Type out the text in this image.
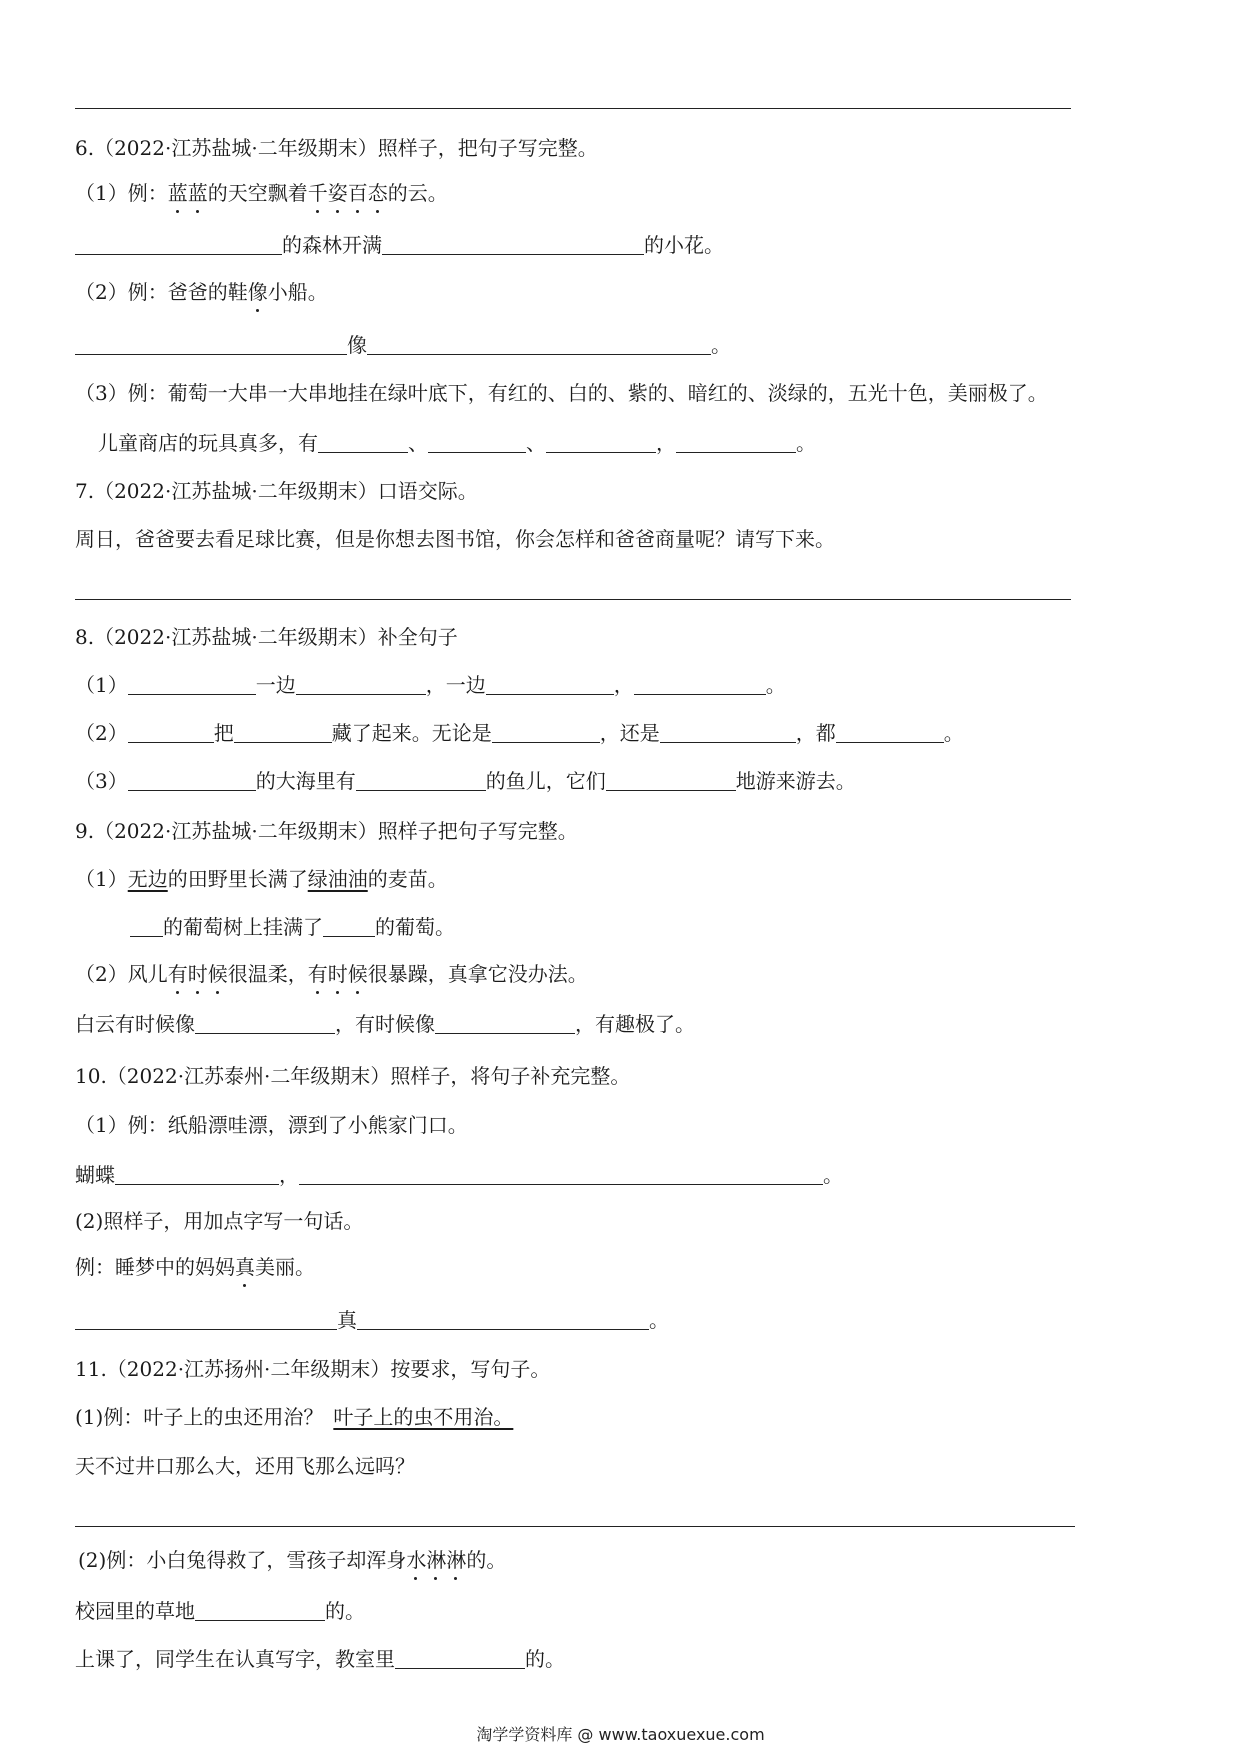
6.（2022·江苏盐城·二年级期末）照样子，把句子写完整。
（1）例：蓝蓝的天空飘着千姿百态的云。
的森林开满	的小花。
（2）例：爸爸的鞋像小船。
像	。
（3）例：葡萄一大串一大串地挂在绿叶底下，有红的、白的、紫的、暗红的、淡绿的，五光十色，美丽极了。
儿童商店的玩具真多，有	、	、	，	。
7.（2022·江苏盐城·二年级期末）口语交际。
周日，爸爸要去看足球比赛，但是你想去图书馆，你会怎样和爸爸商量呢？请写下来。
8.（2022·江苏盐城·二年级期末）补全句子
（1）	一边	，一边	，	。
（2）	把	藏了起来。无论是	，还是	，都	。
（3）	的大海里有	的鱼儿，它们	地游来游去。
9.（2022·江苏盐城·二年级期末）照样子把句子写完整。
（1）无边的田野里长满了绿油油的麦苗。
的葡萄树上挂满了	的葡萄。
（2）风儿有时候很温柔，有时候很暴躁，真拿它没办法。
白云有时候像	，有时候像	，有趣极了。
10.（2022·江苏泰州·二年级期末）照样子，将句子补充完整。
（1）例：纸船漂哇漂，漂到了小熊家门口。
蝴蝶	，	。
(2)照样子，用加点字写一句话。
例：睡梦中的妈妈真美丽。
真	。
11.（2022·江苏扬州·二年级期末）按要求，写句子。
(1)例：叶子上的虫还用治？ 叶子上的虫不用治。
天不过井口那么大，还用飞那么远吗？
(2)例：小白兔得救了，雪孩子却浑身水淋淋的。
校园里的草地	的。
上课了，同学生在认真写字，教室里	的。
淘学学资料库 @ www.taoxuexue.com
